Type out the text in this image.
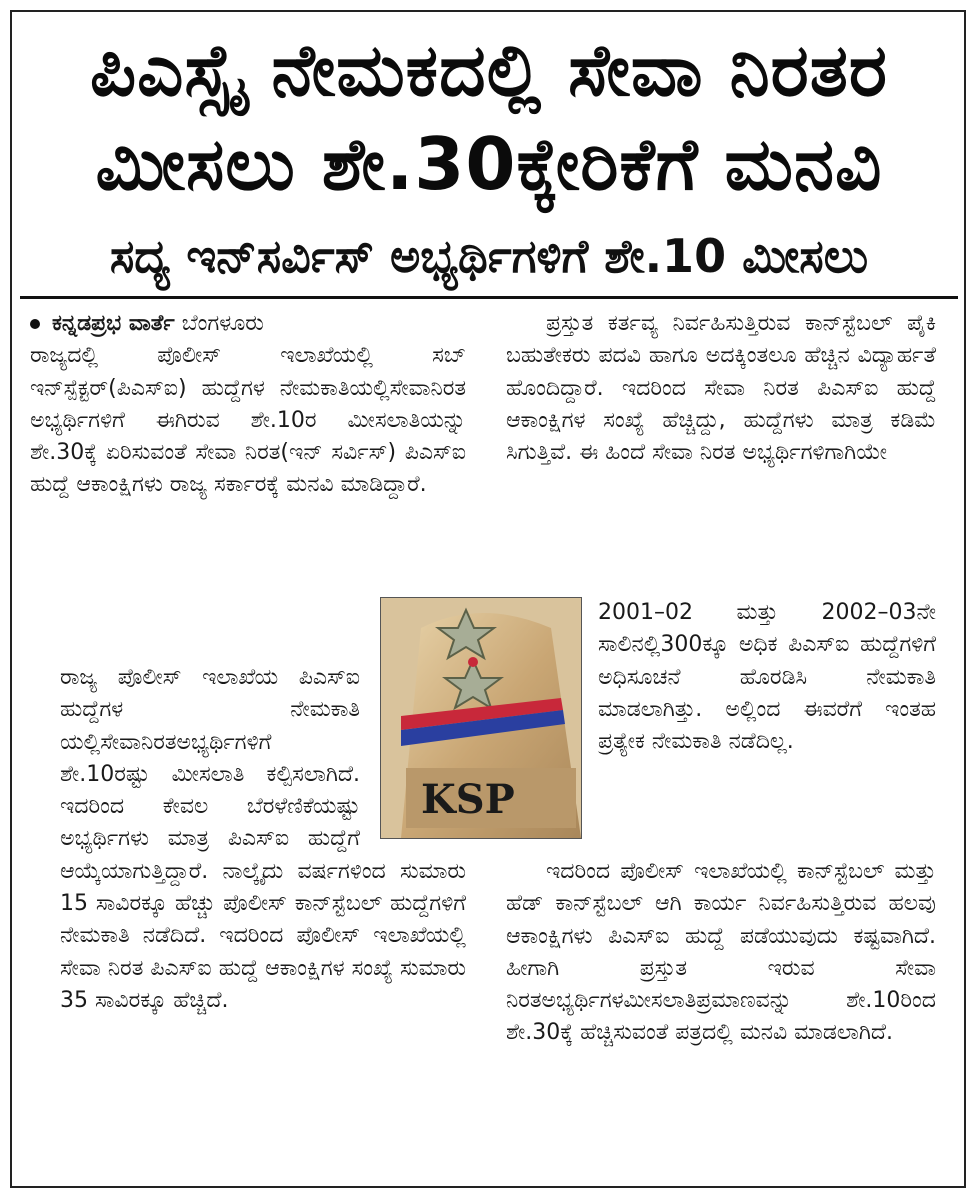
ಪಿಎಸ್ಸೈ ನೇಮಕದಲ್ಲಿ ಸೇವಾ ನಿರತರ
ಮೀಸಲು ಶೇ.30ಕ್ಕೇರಿಕೆಗೆ ಮನವಿ
ಸದ್ಯ ಇನ್‌ಸರ್ವಿಸ್ ಅಭ್ಯರ್ಥಿಗಳಿಗೆ ಶೇ.10 ಮೀಸಲು

ಕನ್ನಡಪ್ರಭ ವಾರ್ತೆ ಬೆಂಗಳೂರು

ರಾಜ್ಯದಲ್ಲಿ ಪೊಲೀಸ್ ಇಲಾಖೆಯಲ್ಲಿ ಸಬ್ ಇನ್‌ಸ್ಪೆಕ್ಟರ್(ಪಿಎಸ್‌ಐ) ಹುದ್ದೆಗಳ ನೇಮಕಾತಿಯಲ್ಲಿಸೇವಾನಿರತ ಅಭ್ಯರ್ಥಿಗಳಿಗೆ ಈಗಿರುವ ಶೇ.10ರ ಮೀಸಲಾತಿಯನ್ನು ಶೇ.30ಕ್ಕೆ ಏರಿಸುವಂತೆ ಸೇವಾ ನಿರತ(ಇನ್ ಸರ್ವಿಸ್) ಪಿಎಸ್‌ಐ ಹುದ್ದೆ ಆಕಾಂಕ್ಷಿಗಳು ರಾಜ್ಯ ಸರ್ಕಾರಕ್ಕೆ ಮನವಿ ಮಾಡಿದ್ದಾರೆ.

ರಾಜ್ಯ ಪೊಲೀಸ್ ಇಲಾಖೆಯ ಪಿಎಸ್‌ಐ ಹುದ್ದೆಗಳ ನೇಮಕಾತಿ ಯಲ್ಲಿಸೇವಾನಿರತಅಭ್ಯರ್ಥಿಗಳಿಗೆ ಶೇ.10ರಷ್ಟು ಮೀಸಲಾತಿ ಕಲ್ಪಿಸಲಾಗಿದೆ. ಇದರಿಂದ ಕೇವಲ ಬೆರಳೆಣಿಕೆಯಷ್ಟು ಅಭ್ಯರ್ಥಿಗಳು ಮಾತ್ರ ಪಿಎಸ್‌ಐ ಹುದ್ದೆಗೆ ಆಯ್ಕೆಯಾಗುತ್ತಿದ್ದಾರೆ. ನಾಲ್ಕೈದು ವರ್ಷಗಳಿಂದ ಸುಮಾರು 15 ಸಾವಿರಕ್ಕೂ ಹೆಚ್ಚು ಪೊಲೀಸ್ ಕಾನ್‌ಸ್ಟೆಬಲ್ ಹುದ್ದೆಗಳಿಗೆ ನೇಮಕಾತಿ ನಡೆದಿದೆ. ಇದರಿಂದ ಪೊಲೀಸ್ ಇಲಾಖೆಯಲ್ಲಿ ಸೇವಾ ನಿರತ ಪಿಎಸ್‌ಐ ಹುದ್ದೆ ಆಕಾಂಕ್ಷಿಗಳ ಸಂಖ್ಯೆ ಸುಮಾರು 35 ಸಾವಿರಕ್ಕೂ ಹೆಚ್ಚಿದೆ.

ಪ್ರಸ್ತುತ ಕರ್ತವ್ಯ ನಿರ್ವಹಿಸುತ್ತಿರುವ ಕಾನ್‌ಸ್ಟೆಬಲ್ ಪೈಕಿ ಬಹುತೇಕರು ಪದವಿ ಹಾಗೂ ಅದಕ್ಕಿಂತಲೂ ಹೆಚ್ಚಿನ ವಿದ್ಯಾರ್ಹತೆ ಹೊಂದಿದ್ದಾರೆ. ಇದರಿಂದ ಸೇವಾ ನಿರತ ಪಿಎಸ್‌ಐ ಹುದ್ದೆ ಆಕಾಂಕ್ಷಿಗಳ ಸಂಖ್ಯೆ ಹೆಚ್ಚಿದ್ದು, ಹುದ್ದೆಗಳು ಮಾತ್ರ ಕಡಿಮೆ ಸಿಗುತ್ತಿವೆ. ಈ ಹಿಂದೆ ಸೇವಾ ನಿರತ ಅಭ್ಯರ್ಥಿಗಳಿಗಾಗಿಯೇ

2001–02 ಮತ್ತು 2002–03ನೇ ಸಾಲಿನಲ್ಲಿ300ಕ್ಕೂ ಅಧಿಕ ಪಿಎಸ್‌ಐ ಹುದ್ದೆಗಳಿಗೆ ಅಧಿಸೂಚನೆ ಹೊರಡಿಸಿ ನೇಮಕಾತಿ ಮಾಡಲಾಗಿತ್ತು. ಅಲ್ಲಿಂದ ಈವರೆಗೆ ಇಂತಹ ಪ್ರತ್ಯೇಕ ನೇಮಕಾತಿ ನಡೆದಿಲ್ಲ.

ಇದರಿಂದ ಪೊಲೀಸ್ ಇಲಾಖೆಯಲ್ಲಿ ಕಾನ್‌ಸ್ಟೆಬಲ್ ಮತ್ತು ಹೆಡ್ ಕಾನ್‌ಸ್ಟೆಬಲ್ ಆಗಿ ಕಾರ್ಯ ನಿರ್ವಹಿಸುತ್ತಿರುವ ಹಲವು ಆಕಾಂಕ್ಷಿಗಳು ಪಿಎಸ್‌ಐ ಹುದ್ದೆ ಪಡೆಯುವುದು ಕಷ್ಟವಾಗಿದೆ. ಹೀಗಾಗಿ ಪ್ರಸ್ತುತ ಇರುವ ಸೇವಾ ನಿರತಅಭ್ಯರ್ಥಿಗಳಮೀಸಲಾತಿಪ್ರಮಾಣವನ್ನು ಶೇ.10ರಿಂದ ಶೇ.30ಕ್ಕೆ ಹೆಚ್ಚಿಸುವಂತೆ ಪತ್ರದಲ್ಲಿ ಮನವಿ ಮಾಡಲಾಗಿದೆ.

KSP
